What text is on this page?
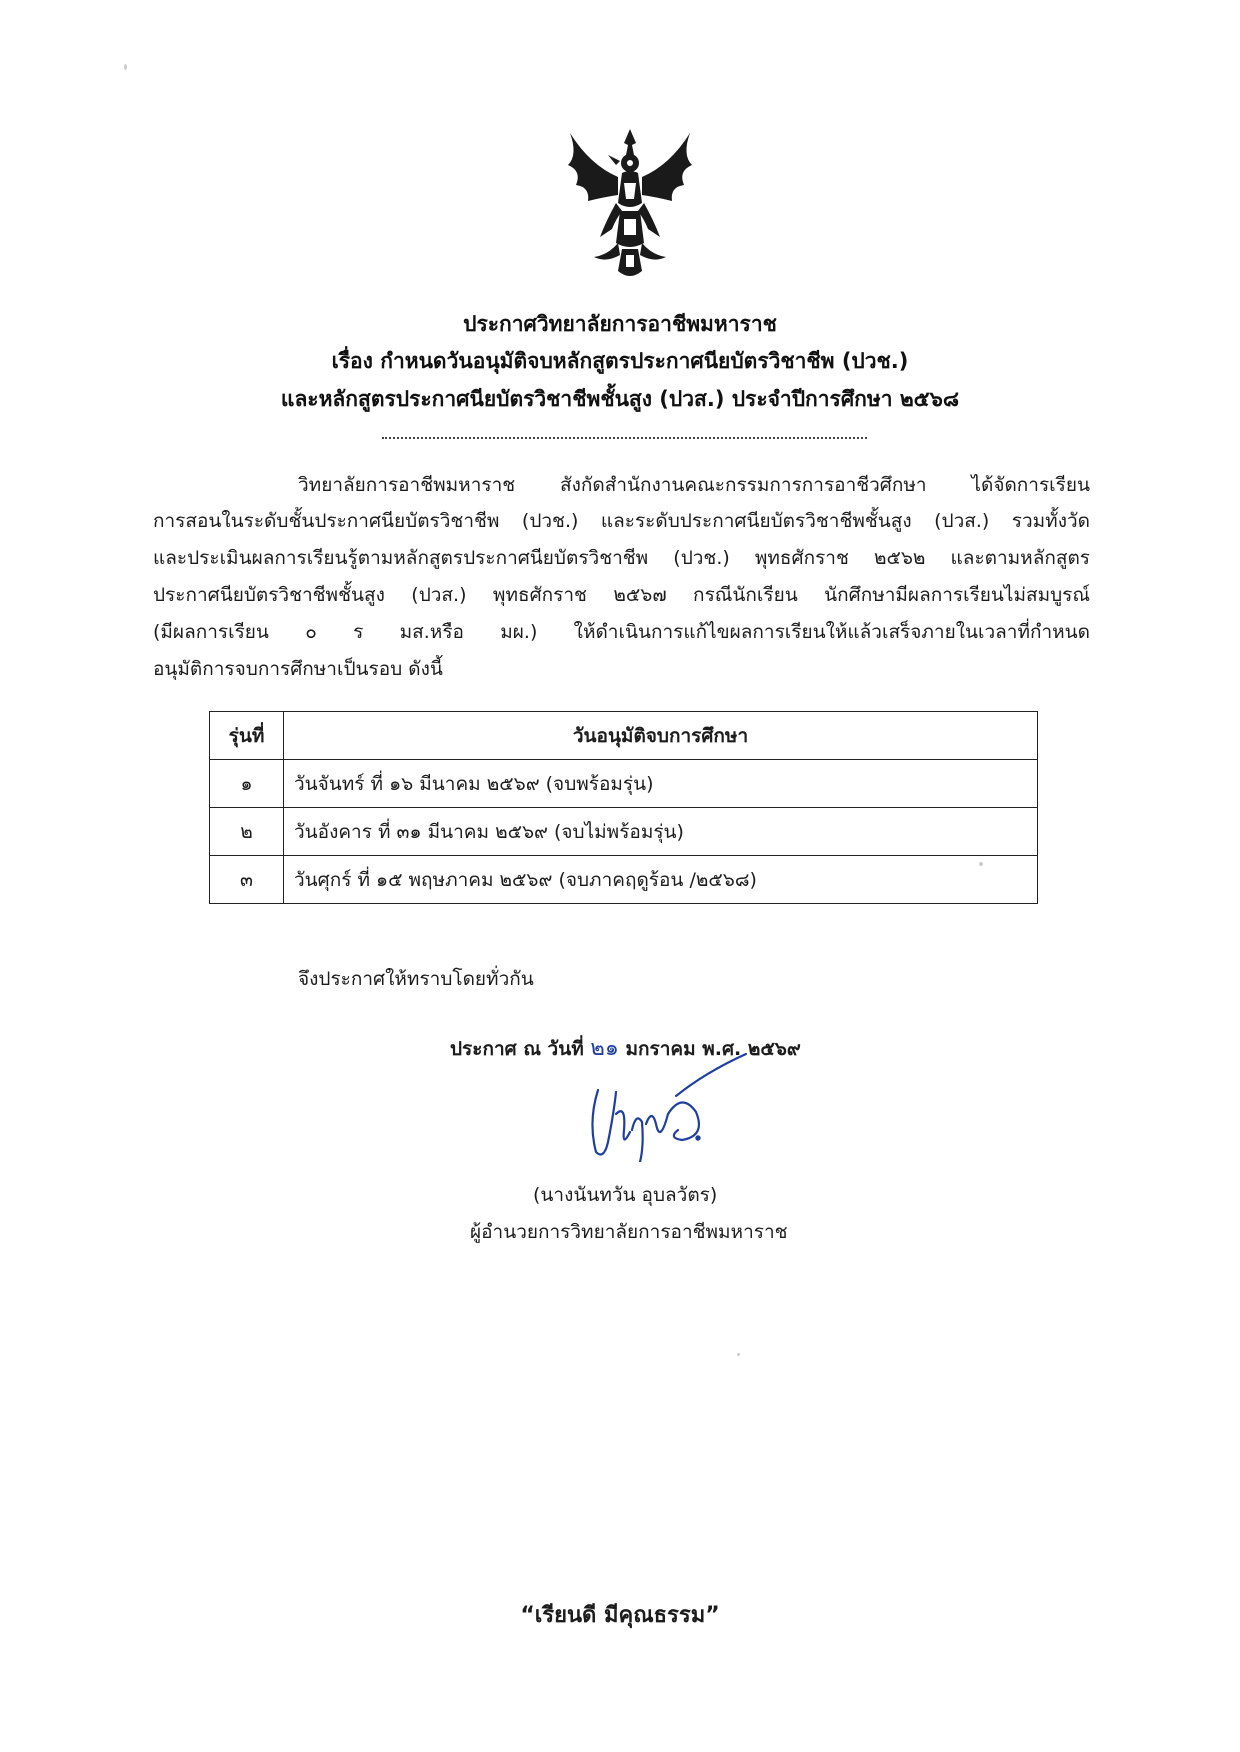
ประกาศวิทยาลัยการอาชีพมหาราช
เรื่อง กำหนดวันอนุมัติจบหลักสูตรประกาศนียบัตรวิชาชีพ (ปวช.)
และหลักสูตรประกาศนียบัตรวิชาชีพชั้นสูง (ปวส.) ประจำปีการศึกษา ๒๕๖๘
วิทยาลัยการอาชีพมหาราช สังกัดสำนักงานคณะกรรมการการอาชีวศึกษา ได้จัดการเรียน
การสอนในระดับชั้นประกาศนียบัตรวิชาชีพ (ปวช.) และระดับประกาศนียบัตรวิชาชีพชั้นสูง (ปวส.) รวมทั้งวัด
และประเมินผลการเรียนรู้ตามหลักสูตรประกาศนียบัตรวิชาชีพ (ปวช.) พุทธศักราช ๒๕๖๒ และตามหลักสูตร
ประกาศนียบัตรวิชาชีพชั้นสูง (ปวส.) พุทธศักราช ๒๕๖๗ กรณีนักเรียน นักศึกษามีผลการเรียนไม่สมบูรณ์
(มีผลการเรียน ๐ ร มส.หรือ มผ.) ให้ดำเนินการแก้ไขผลการเรียนให้แล้วเสร็จภายในเวลาที่กำหนด
อนุมัติการจบการศึกษาเป็นรอบ ดังนี้
รุ่นที่	วันอนุมัติจบการศึกษา
๑	วันจันทร์ ที่ ๑๖ มีนาคม ๒๕๖๙ (จบพร้อมรุ่น)
๒	วันอังคาร ที่ ๓๑ มีนาคม ๒๕๖๙ (จบไม่พร้อมรุ่น)
๓	วันศุกร์ ที่ ๑๕ พฤษภาคม ๒๕๖๙ (จบภาคฤดูร้อน /๒๕๖๘)
จึงประกาศให้ทราบโดยทั่วกัน
ประกาศ ณ วันที่ ๒๑ มกราคม พ.ศ. ๒๕๖๙
(นางนันทวัน อุบลวัตร)
ผู้อำนวยการวิทยาลัยการอาชีพมหาราช
“เรียนดี มีคุณธรรม”
